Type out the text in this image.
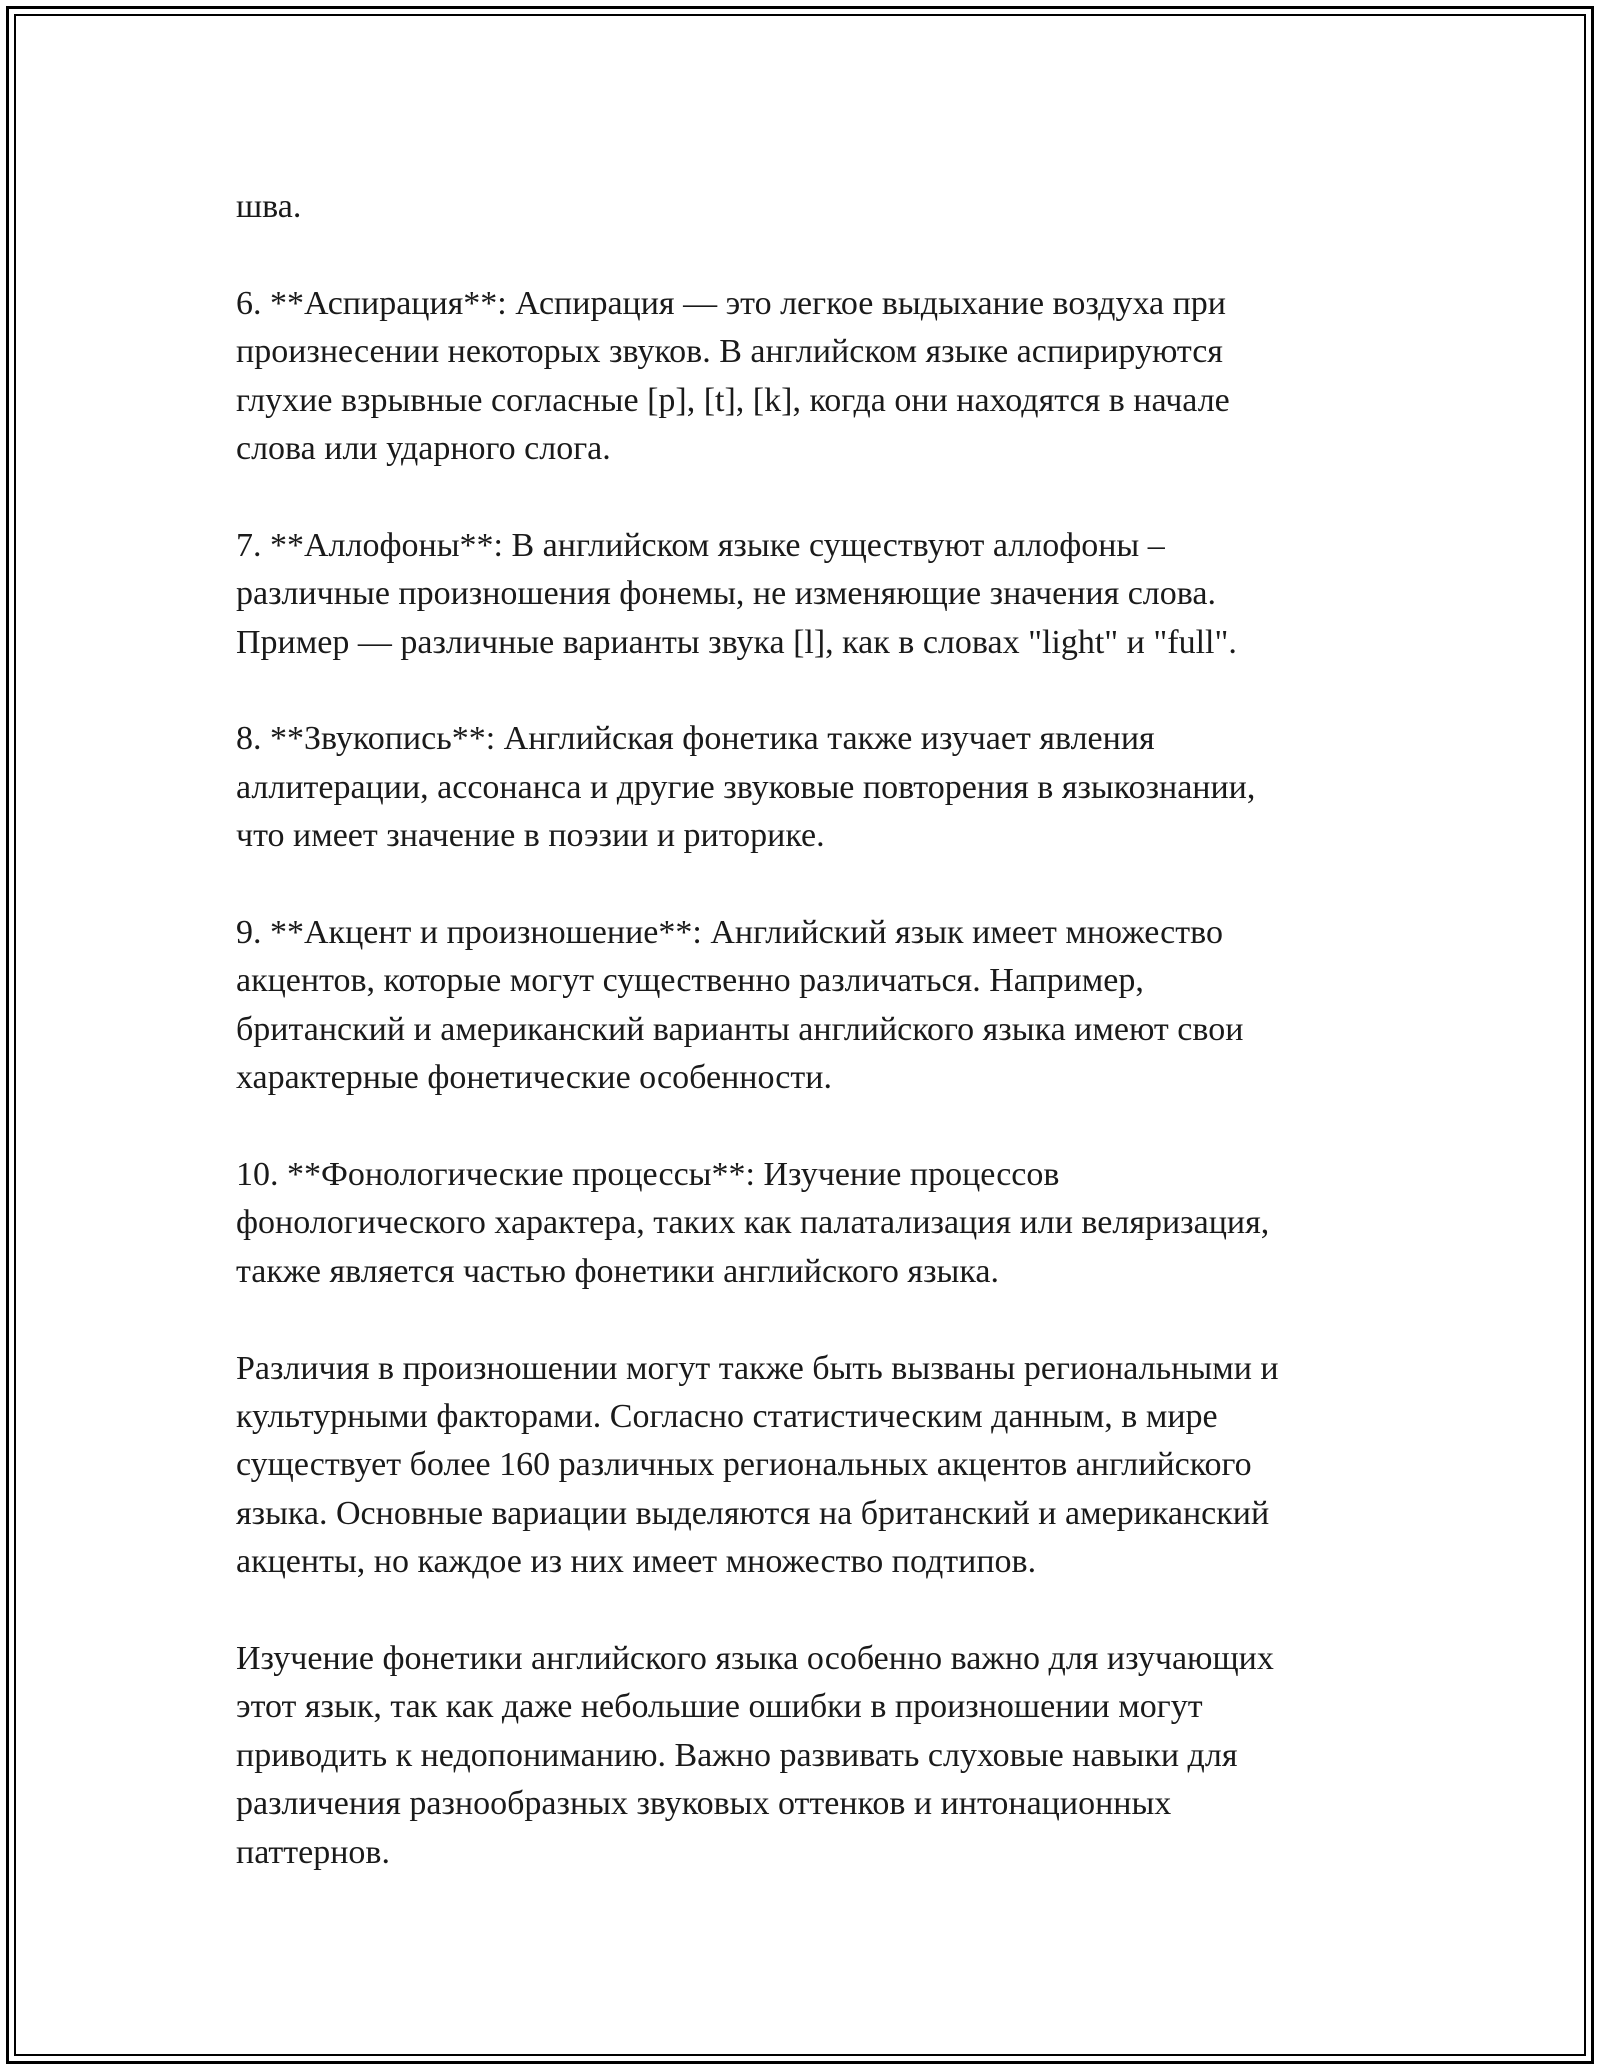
шва.

6. **Аспирация**: Аспирация — это легкое выдыхание воздуха при
произнесении некоторых звуков. В английском языке аспирируются
глухие взрывные согласные [p], [t], [k], когда они находятся в начале
слова или ударного слога.

7. **Аллофоны**: В английском языке существуют аллофоны –
различные произношения фонемы, не изменяющие значения слова.
Пример — различные варианты звука [l], как в словах "light" и "full".

8. **Звукопись**: Английская фонетика также изучает явления
аллитерации, ассонанса и другие звуковые повторения в языкознании,
что имеет значение в поэзии и риторике.

9. **Акцент и произношение**: Английский язык имеет множество
акцентов, которые могут существенно различаться. Например,
британский и американский варианты английского языка имеют свои
характерные фонетические особенности.

10. **Фонологические процессы**: Изучение процессов
фонологического характера, таких как палатализация или веляризация,
также является частью фонетики английского языка.

Различия в произношении могут также быть вызваны региональными и
культурными факторами. Согласно статистическим данным, в мире
существует более 160 различных региональных акцентов английского
языка. Основные вариации выделяются на британский и американский
акценты, но каждое из них имеет множество подтипов.

Изучение фонетики английского языка особенно важно для изучающих
этот язык, так как даже небольшие ошибки в произношении могут
приводить к недопониманию. Важно развивать слуховые навыки для
различения разнообразных звуковых оттенков и интонационных
паттернов.
